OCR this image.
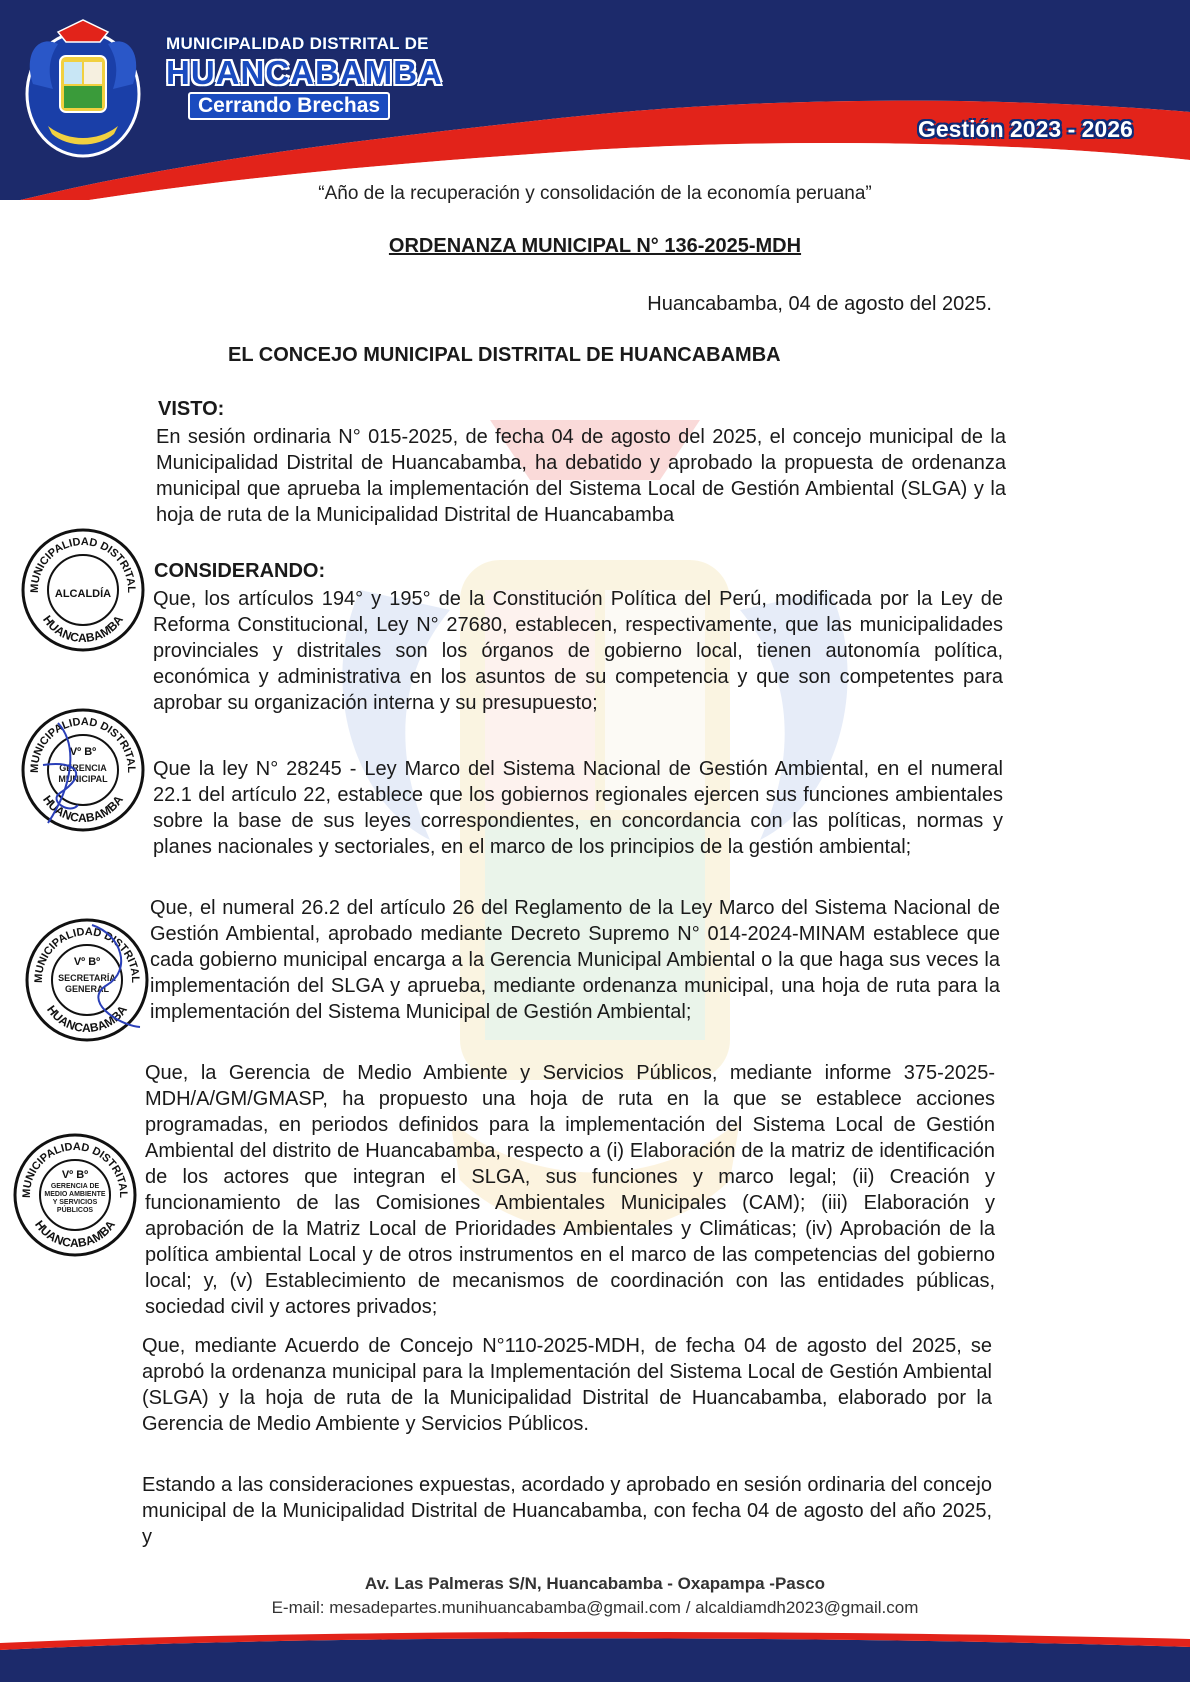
MUNICIPALIDAD DISTRITAL DE
HUANCABAMBA
Cerrando Brechas
Gestión 2023 - 2026
“Año de la recuperación y consolidación de la economía peruana”
ORDENANZA MUNICIPAL N° 136-2025-MDH
Huancabamba, 04 de agosto del 2025.
EL CONCEJO MUNICIPAL DISTRITAL DE HUANCABAMBA
VISTO:
En sesión ordinaria N° 015-2025, de fecha 04 de agosto del 2025, el concejo municipal de la Municipalidad Distrital de Huancabamba, ha debatido y aprobado la propuesta de ordenanza municipal que aprueba la implementación del Sistema Local de Gestión Ambiental (SLGA) y la hoja de ruta de la Municipalidad Distrital de Huancabamba
CONSIDERANDO:
Que, los artículos 194° y 195° de la Constitución Política del Perú, modificada por la Ley de Reforma Constitucional, Ley N° 27680, establecen, respectivamente, que las municipalidades provinciales y distritales son los órganos de gobierno local, tienen autonomía política, económica y administrativa en los asuntos de su competencia y que son competentes para aprobar su organización interna y su presupuesto;
Que la ley N° 28245 - Ley Marco del Sistema Nacional de Gestión Ambiental, en el numeral 22.1 del artículo 22, establece que los gobiernos regionales ejercen sus funciones ambientales sobre la base de sus leyes correspondientes, en concordancia con las políticas, normas y planes nacionales y sectoriales, en el marco de los principios de la gestión ambiental;
Que, el numeral 26.2 del artículo 26 del Reglamento de la Ley Marco del Sistema Nacional de Gestión Ambiental, aprobado mediante Decreto Supremo N° 014-2024-MINAM establece que cada gobierno municipal encarga a la Gerencia Municipal Ambiental o la que haga sus veces la implementación del SLGA y aprueba, mediante ordenanza municipal, una hoja de ruta para la implementación del Sistema Municipal de Gestión Ambiental;
Que, la Gerencia de Medio Ambiente y Servicios Públicos, mediante informe 375-2025-MDH/A/GM/GMASP, ha propuesto una hoja de ruta en la que se establece acciones programadas, en periodos definidos para la implementación del Sistema Local de Gestión Ambiental del distrito de Huancabamba, respecto a (i) Elaboración de la matriz de identificación de los actores que integran el SLGA, sus funciones y marco legal; (ii) Creación y funcionamiento de las Comisiones Ambientales Municipales (CAM); (iii) Elaboración y aprobación de la Matriz Local de Prioridades Ambientales y Climáticas; (iv) Aprobación de la política ambiental Local y de otros instrumentos en el marco de las competencias del gobierno local; y, (v) Establecimiento de mecanismos de coordinación con las entidades públicas, sociedad civil y actores privados;
Que, mediante Acuerdo de Concejo N°110-2025-MDH, de fecha 04 de agosto del 2025, se aprobó la ordenanza municipal para la Implementación del Sistema Local de Gestión Ambiental (SLGA) y la hoja de ruta de la Municipalidad Distrital de Huancabamba, elaborado por la Gerencia de Medio Ambiente y Servicios Públicos.
Estando a las consideraciones expuestas, acordado y aprobado en sesión ordinaria del concejo municipal de la Municipalidad Distrital de Huancabamba, con fecha 04 de agosto del año 2025, y
MUNICIPALIDAD DISTRITAL
HUANCABAMBA
ALCALDÍA
MUNICIPALIDAD DISTRITAL
HUANCABAMBA
Vº Bº
GERENCIA MUNICIPAL
MUNICIPALIDAD DISTRITAL
HUANCABAMBA
Vº Bº
SECRETARÍA GENERAL
MUNICIPALIDAD DISTRITAL
HUANCABAMBA
Vº Bº
GERENCIA DE MEDIO AMBIENTE Y SERVICIOS PÚBLICOS
Av. Las Palmeras S/N, Huancabamba - Oxapampa -Pasco
E-mail: mesadepartes.munihuancabamba@gmail.com / alcaldiamdh2023@gmail.com
